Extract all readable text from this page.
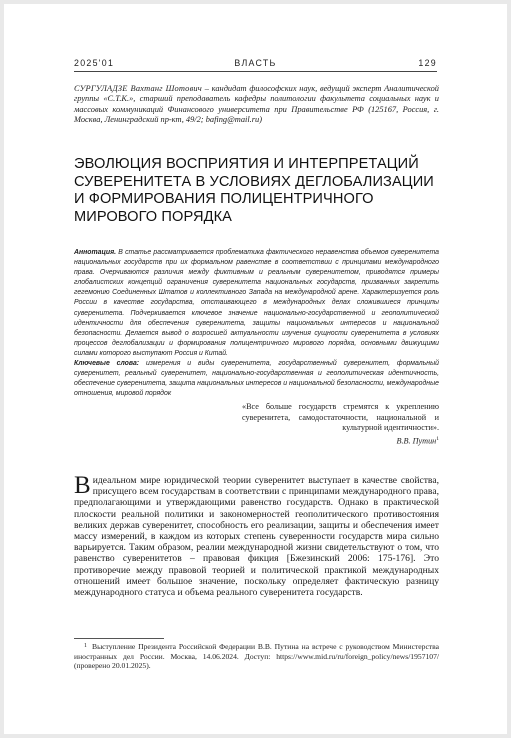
2025'01	ВЛАСТЬ	129
СУРГУЛАДЗЕ Вахтанг Шотович – кандидат философских наук, ведущий эксперт Аналитической группы «С.Т.К.», старший преподаватель кафедры политологии факультета социальных наук и массовых коммуникаций Финансового университета при Правительстве РФ (125167, Россия, г. Москва, Ленинградский пр-кт, 49/2; bafing@mail.ru)
ЭВОЛЮЦИЯ ВОСПРИЯТИЯ И ИНТЕРПРЕТАЦИЙ СУВЕРЕНИТЕТА В УСЛОВИЯХ ДЕГЛОБАЛИЗАЦИИ И ФОРМИРОВАНИЯ ПОЛИЦЕНТРИЧНОГО МИРОВОГО ПОРЯДКА
Аннотация. В статье рассматривается проблематика фактического неравенства объемов суверенитета национальных государств при их формальном равенстве в соответствии с принципами международного права. Очерчиваются различия между фиктивным и реальным суверенитетом, приводятся примеры глобалистских концепций ограничения суверенитета национальных государств, призванных закрепить гегемонию Соединенных Штатов и коллективного Запада на международной арене. Характеризуется роль России в качестве государства, отстаивающего в международных делах сложившиеся принципы суверенитета. Подчеркивается ключевое значение национально-государственной и геополитической идентичности для обеспечения суверенитета, защиты национальных интересов и национальной безопасности. Делается вывод о возросшей актуальности изучения сущности суверенитета в условиях процессов деглобализации и формирования полицентричного мирового порядка, основными движущими силами которого выступают Россия и Китай.
Ключевые слова: измерения и виды суверенитета, государственный суверенитет, формальный суверенитет, реальный суверенитет, национально-государственная и геополитическая идентичность, обеспечение суверенитета, защита национальных интересов и национальной безопасности, международные отношения, мировой порядок
«Все больше государств стремятся к укреплению суверенитета, самодостаточности, национальной и культурной идентичности».
В.В. Путин$^1$
В идеальном мире юридической теории суверенитет выступает в качестве свойства, присущего всем государствам в соответствии с принципами международного права, предполагающими и утверждающими равенство государств. Однако в практической плоскости реальной политики и закономерностей геополитического противостояния великих держав суверенитет, способность его реализации, защиты и обеспечения имеет массу измерений, в каждом из которых степень суверенности государств мира сильно варьируется. Таким образом, реалии международной жизни свидетельствуют о том, что равенство суверенитетов – правовая фикция [Бжезинский 2006: 175-176]. Это противоречие между правовой теорией и политической практикой международных отношений имеет большое значение, поскольку определяет фактическую разницу международного статуса и объема реального суверенитета государств.
$^1$ Выступление Президента Российской Федерации В.В. Путина на встрече с руководством Министерства иностранных дел России. Москва, 14.06.2024. Доступ: https://www.mid.ru/ru/foreign_policy/news/1957107/ (проверено 20.01.2025).
